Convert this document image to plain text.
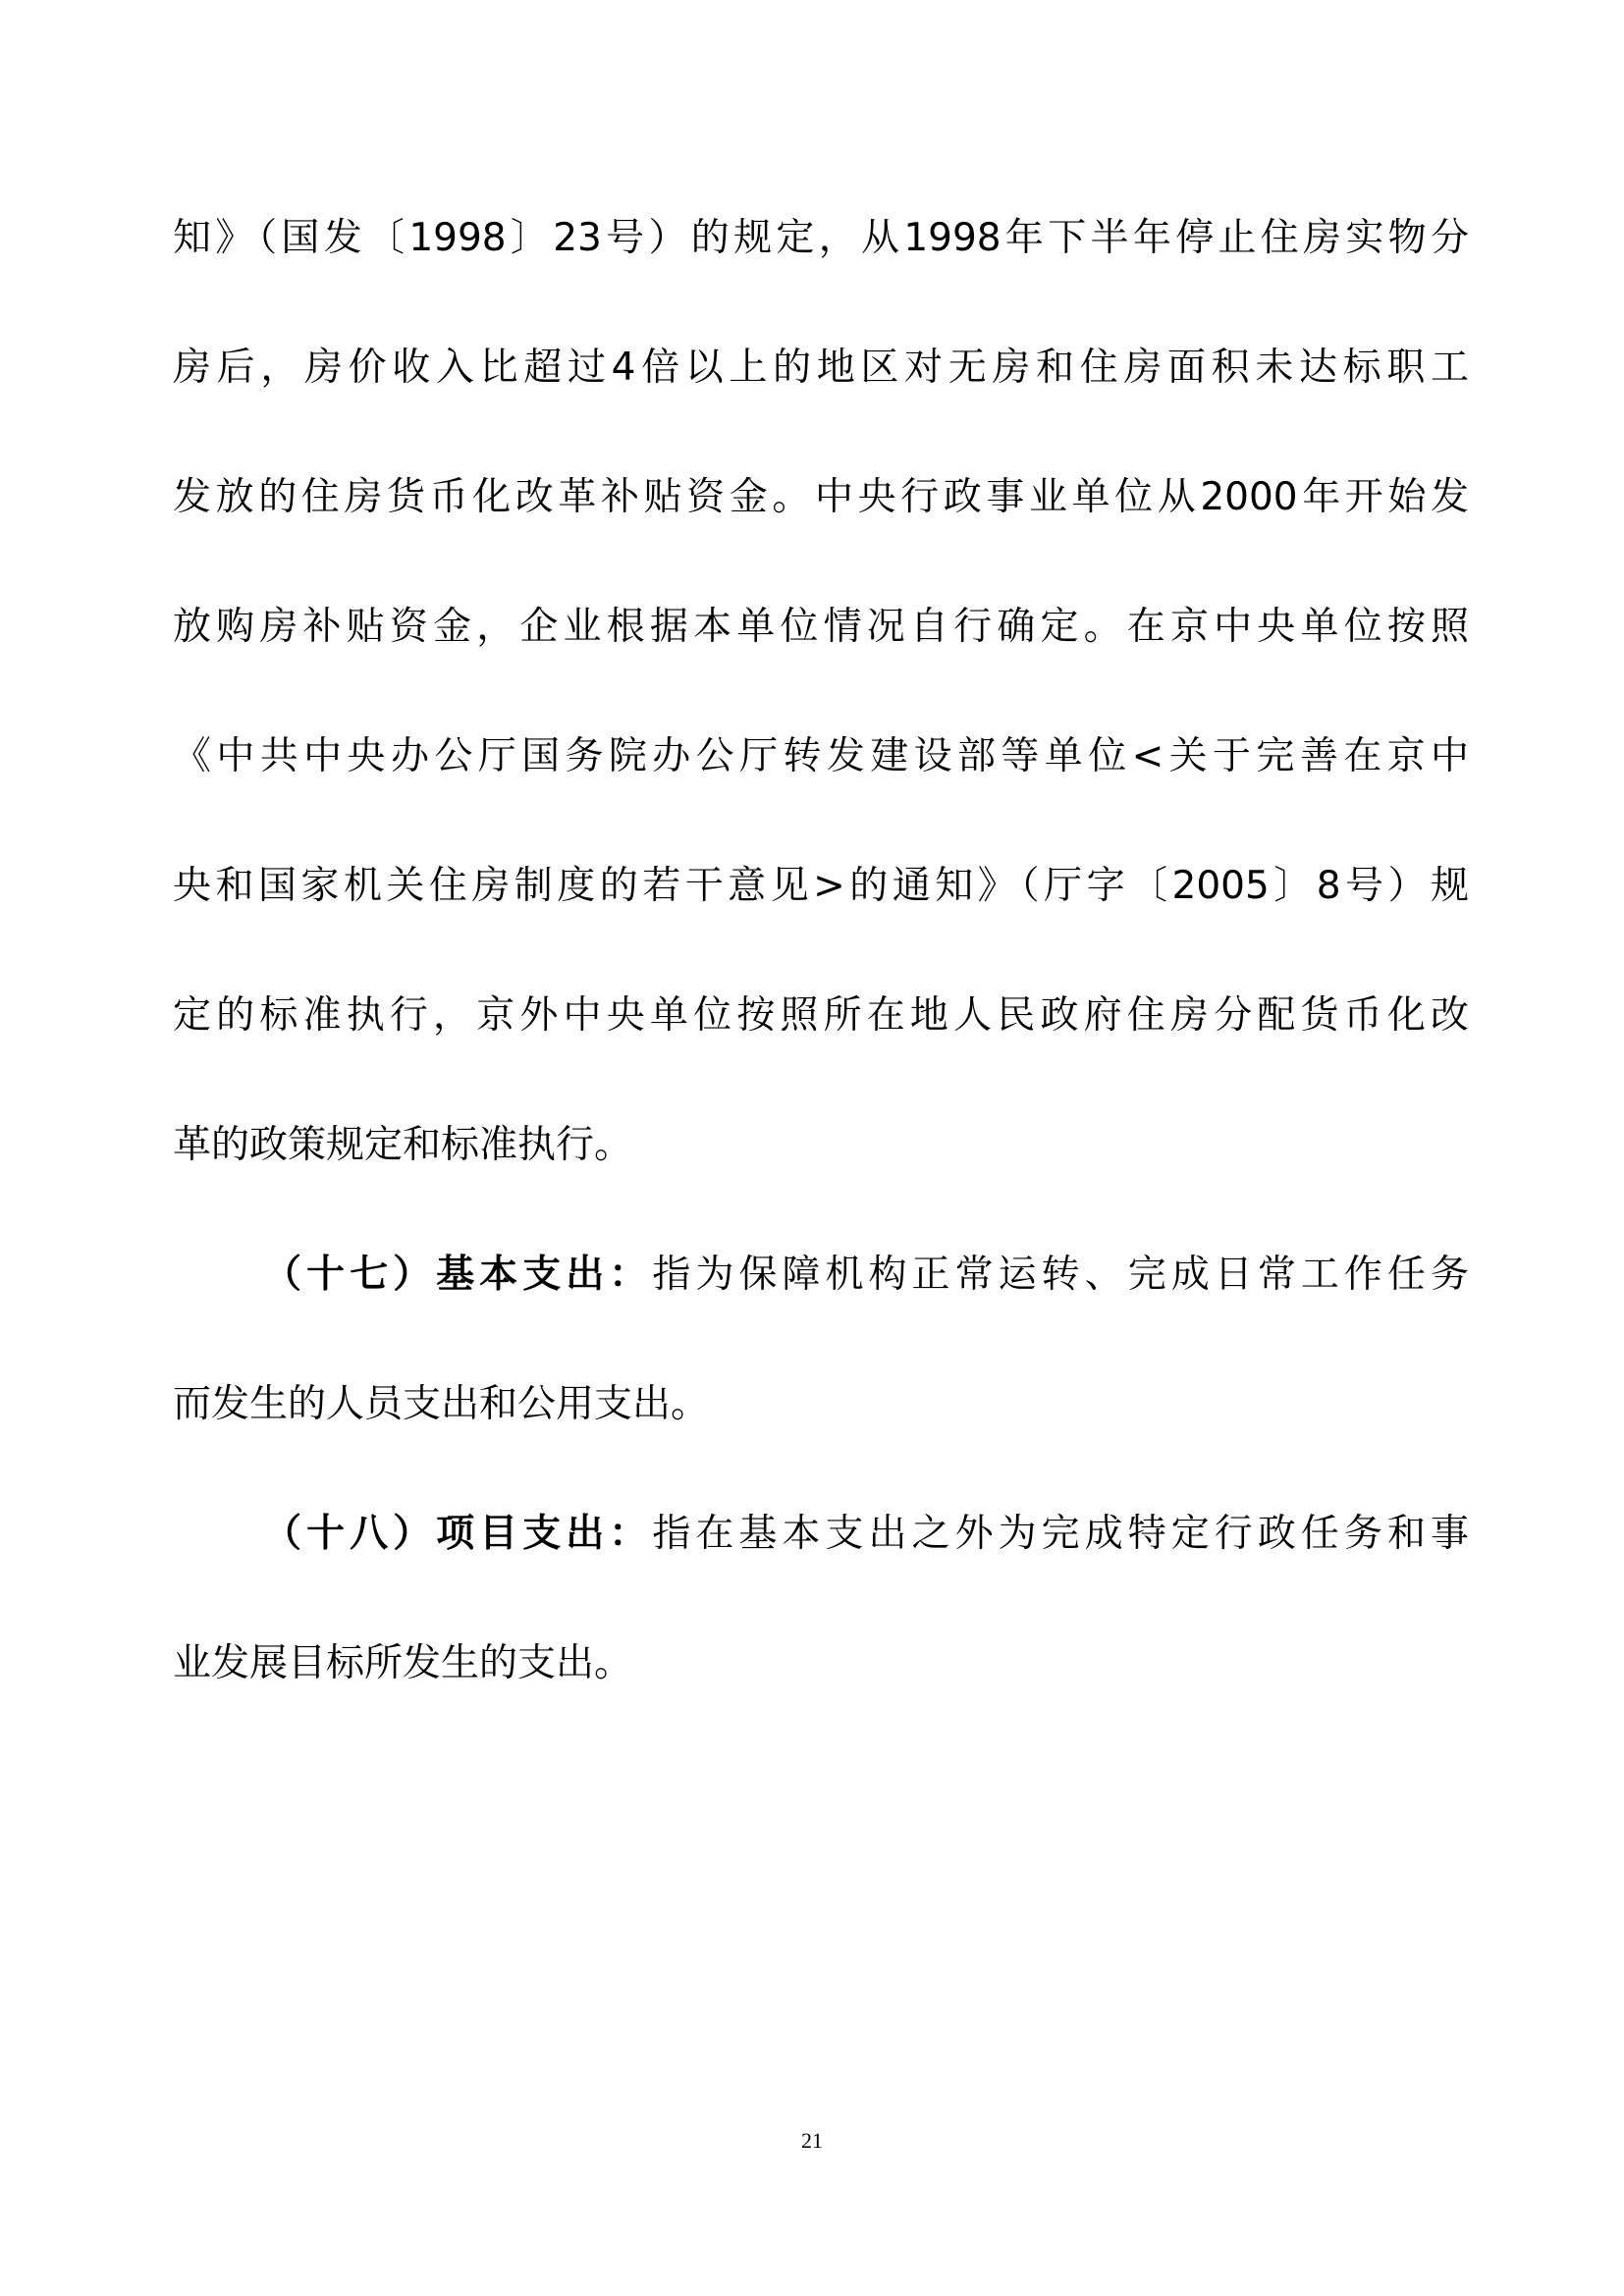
知》（国发〔1998〕23号）的规定，从1998年下半年停止住房实物分
房后，房价收入比超过4倍以上的地区对无房和住房面积未达标职工
发放的住房货币化改革补贴资金。中央行政事业单位从2000年开始发
放购房补贴资金，企业根据本单位情况自行确定。在京中央单位按照
《中共中央办公厅国务院办公厅转发建设部等单位<关于完善在京中
央和国家机关住房制度的若干意见>的通知》（厅字〔2005〕8号）规
定的标准执行，京外中央单位按照所在地人民政府住房分配货币化改
革的政策规定和标准执行。
（十七）基本支出：指为保障机构正常运转、完成日常工作任务
而发生的人员支出和公用支出。
（十八）项目支出：指在基本支出之外为完成特定行政任务和事
业发展目标所发生的支出。
21
